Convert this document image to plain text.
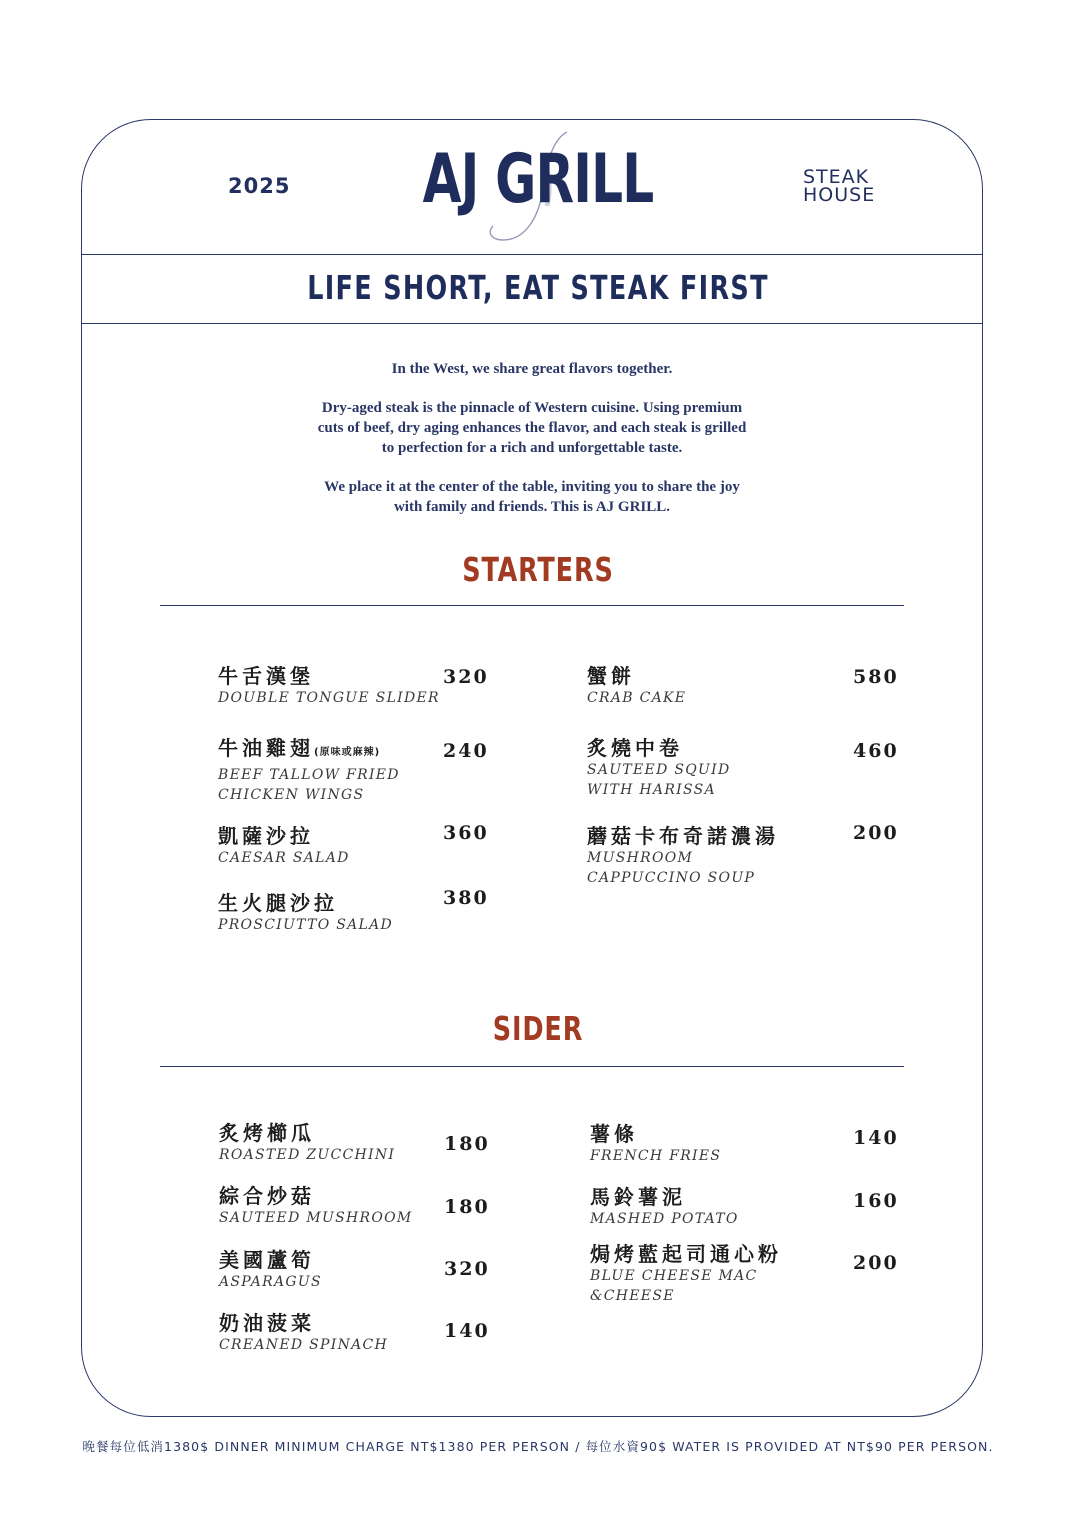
2025	AJ GRILL	STEAK
HOUSE
LIFE SHORT, EAT STEAK FIRST
In the West, we share great flavors together.
Dry-aged steak is the pinnacle of Western cuisine. Using premium
cuts of beef, dry aging enhances the flavor, and each steak is grilled
to perfection for a rich and unforgettable taste.
We place it at the center of the table, inviting you to share the joy
with family and friends. This is AJ GRILL.
STARTERS
牛舌漢堡
DOUBLE TONGUE SLIDER
320
牛油雞翅(原味或麻辣)
BEEF TALLOW FRIED
CHICKEN WINGS
240
凱薩沙拉
CAESAR SALAD
360
生火腿沙拉
PROSCIUTTO SALAD
380
蟹餅
CRAB CAKE
580
炙燒中卷
SAUTEED SQUID
WITH HARISSA
460
蘑菇卡布奇諾濃湯
MUSHROOM
CAPPUCCINO SOUP
200
SIDER
炙烤櫛瓜
ROASTED ZUCCHINI	180
綜合炒菇
SAUTEED MUSHROOM	180
美國蘆筍
ASPARAGUS
320
奶油菠菜
CREANED SPINACH
140
薯條
FRENCH FRIES
140
馬鈴薯泥
MASHED POTATO
160
焗烤藍起司通心粉
BLUE CHEESE MAC
&CHEESE
200
晚餐每位低消1380$ DINNER MINIMUM CHARGE NT$1380 PER PERSON / 每位水資90$ WATER IS PROVIDED AT NT$90 PER PERSON.
